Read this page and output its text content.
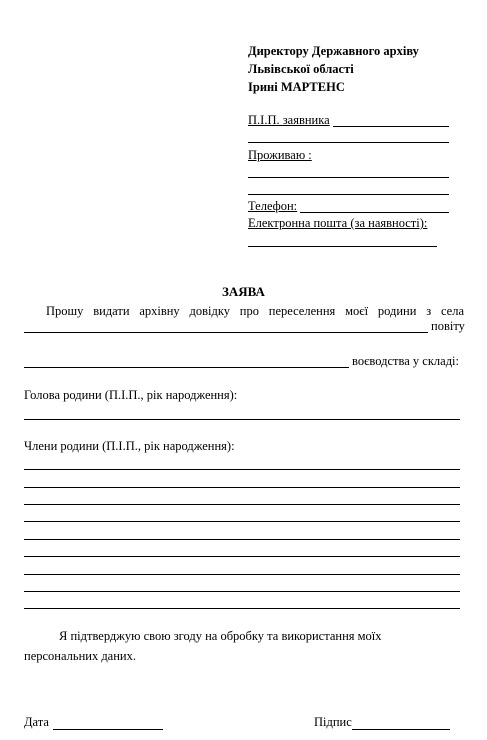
Директору Державного архіву
Львівської області
Ірині МАРТЕНС
П.І.П. заявника
Проживаю :
Телефон:
Електронна пошта (за наявності):
ЗАЯВА
Прошу видати архівну довідку про переселення моєї родини з села
повіту
воєводства у складі:
Голова родини (П.І.П., рік народження):
Члени родини (П.І.П., рік народження):
Я підтверджую свою згоду на обробку та використання моїх
персональних даних.
Дата	Підпис
